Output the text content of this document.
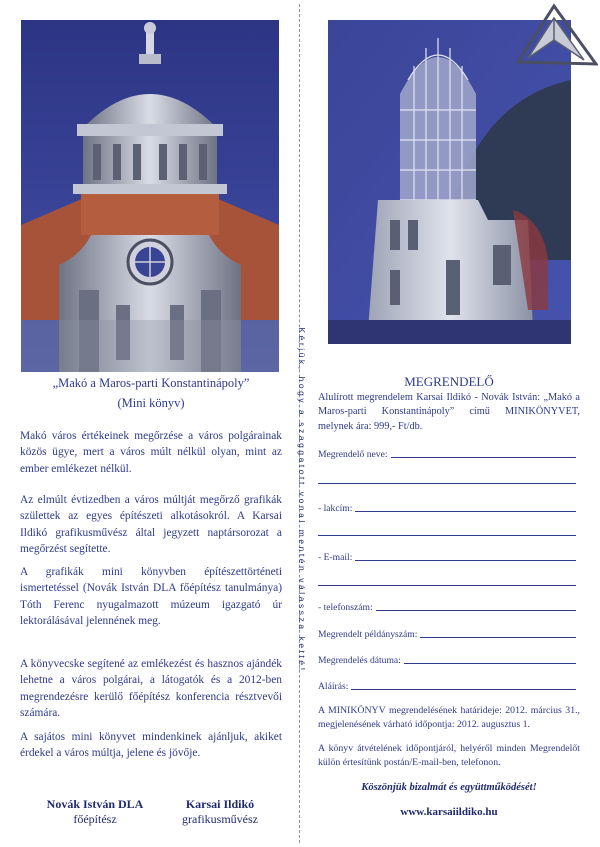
„Makó a Maros-parti Konstantinápoly”
(Mini könyv)
Makó város értékeinek megőrzése a város polgárainak közös ügye, mert a város múlt nélkül olyan, mint az ember emlékezet nélkül.
Az elmúlt évtizedben a város múltját megőrző grafikák születtek az egyes építészeti alkotásokról. A Karsai Ildikó grafikusművész által jegyzett naptársorozat a megőrzést segítette.
A grafikák mini könyvben építészettörténeti ismertetéssel (Novák István DLA főépítész tanulmánya) Tóth Ferenc nyugalmazott múzeum igazgató úr lektorálásával jelennének meg.
A könyvecske segítené az emlékezést és hasznos ajándék lehetne a város polgárai, a látogatók és a 2012-ben megrendezésre kerülő főépítész konferencia résztvevői számára.
A sajátos mini könyvet mindenkinek ajánljuk, akiket érdekel a város múltja, jelene és jövője.
Novák István DLA
főépítész
Karsai Ildikó
grafikusművész
Kérjük, hogy a szaggatott vonal mentén válassza ketté!	MEGRENDELŐ
Alulírott megrendelem Karsai Ildikó - Novák István: „Makó a Maros-parti Konstantinápoly” című MINIKÖNYVET, melynek ára: 999,- Ft/db.
Megrendelő neve:
- lakcím:
- E-mail:
- telefonszám:
Megrendelt példányszám:
Megrendelés dátuma:
Aláírás:
A MINIKÖNYV megrendelésének határideje: 2012. március 31., megjelenésének várható időpontja: 2012. augusztus 1.
A könyv átvételének időpontjáról, helyéről minden Megrendelőt külön értesítünk postán/E-mail-ben, telefonon.
Köszönjük bizalmát és együttműködését!
www.karsaiildiko.hu
